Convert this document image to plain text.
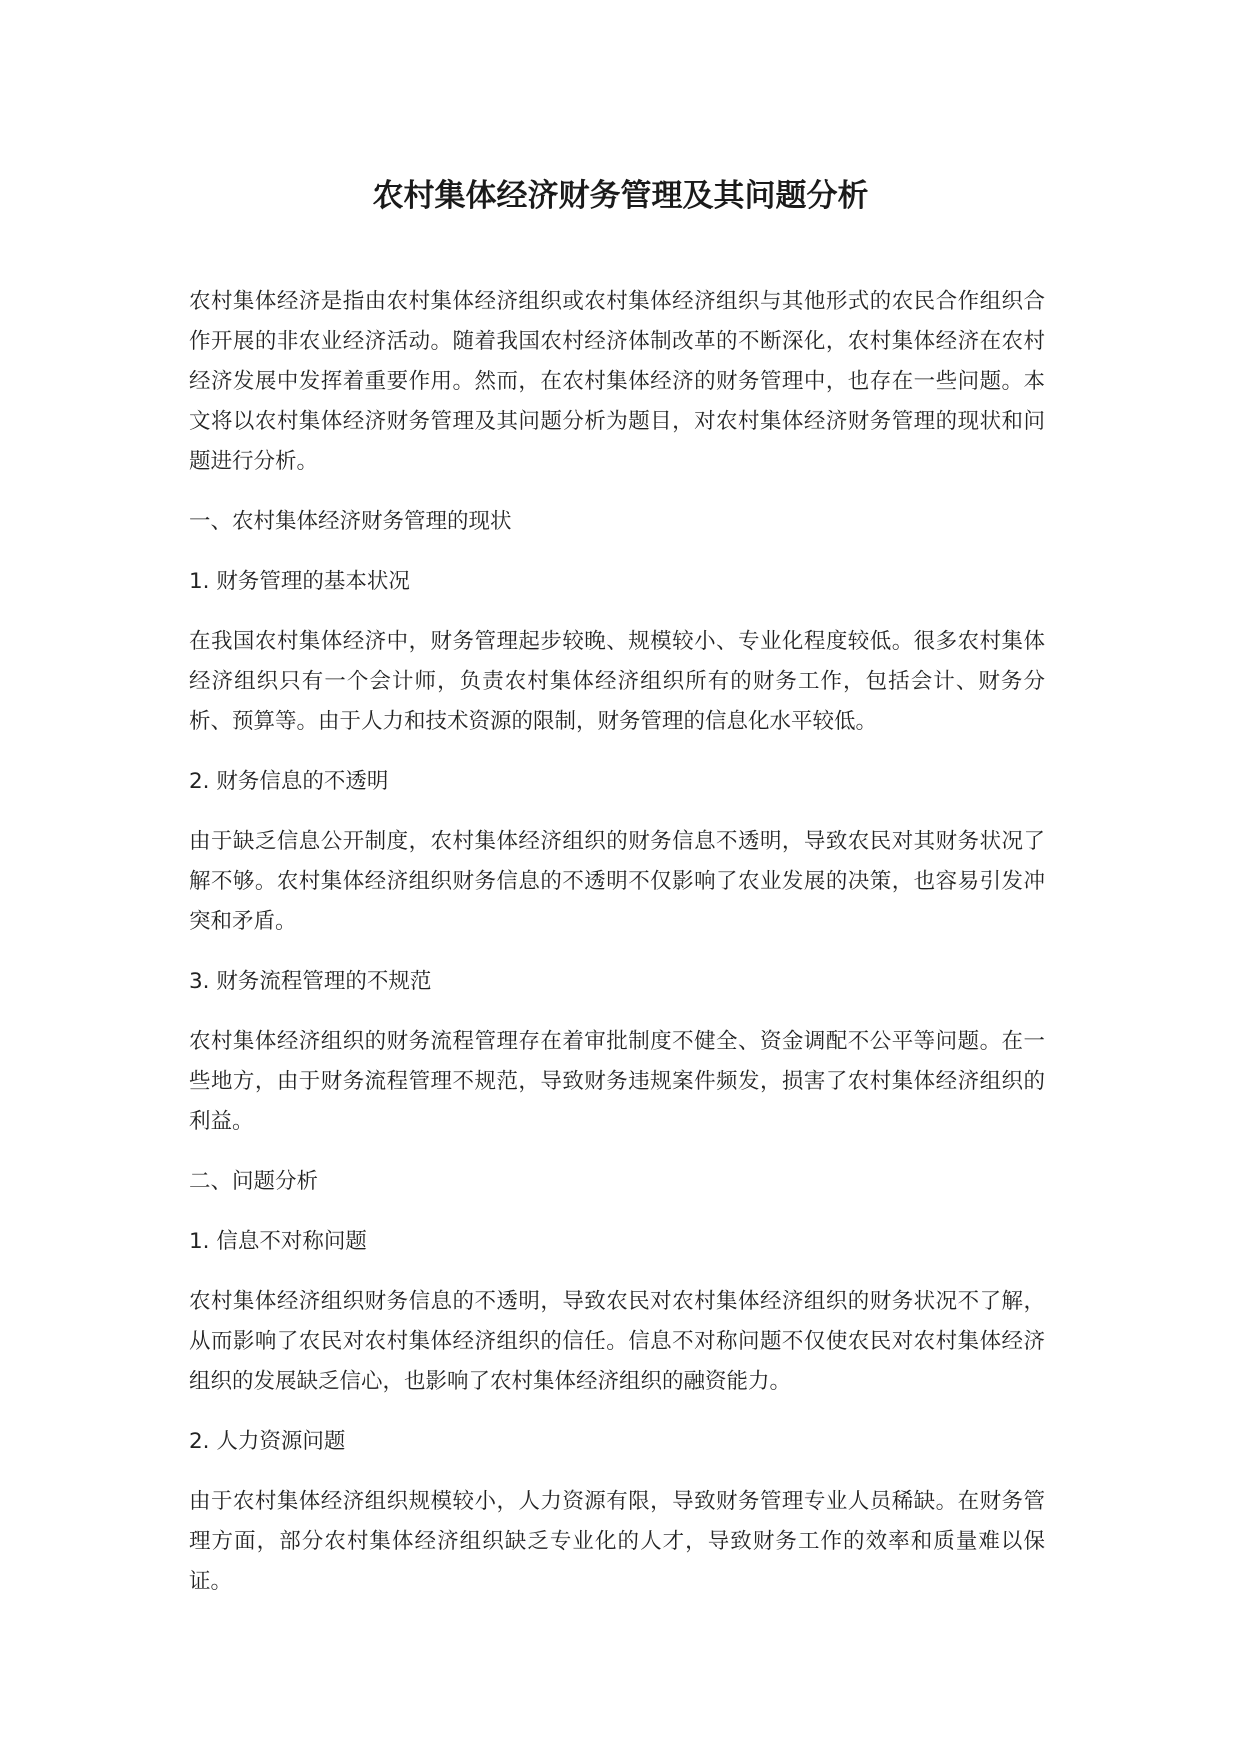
农村集体经济财务管理及其问题分析

农村集体经济是指由农村集体经济组织或农村集体经济组织与其他形式的农民合作组织合作开展的非农业经济活动。随着我国农村经济体制改革的不断深化，农村集体经济在农村经济发展中发挥着重要作用。然而，在农村集体经济的财务管理中，也存在一些问题。本文将以农村集体经济财务管理及其问题分析为题目，对农村集体经济财务管理的现状和问题进行分析。

一、农村集体经济财务管理的现状

1. 财务管理的基本状况

在我国农村集体经济中，财务管理起步较晚、规模较小、专业化程度较低。很多农村集体经济组织只有一个会计师，负责农村集体经济组织所有的财务工作，包括会计、财务分析、预算等。由于人力和技术资源的限制，财务管理的信息化水平较低。

2. 财务信息的不透明

由于缺乏信息公开制度，农村集体经济组织的财务信息不透明，导致农民对其财务状况了解不够。农村集体经济组织财务信息的不透明不仅影响了农业发展的决策，也容易引发冲突和矛盾。

3. 财务流程管理的不规范

农村集体经济组织的财务流程管理存在着审批制度不健全、资金调配不公平等问题。在一些地方，由于财务流程管理不规范，导致财务违规案件频发，损害了农村集体经济组织的利益。

二、问题分析

1. 信息不对称问题

农村集体经济组织财务信息的不透明，导致农民对农村集体经济组织的财务状况不了解，从而影响了农民对农村集体经济组织的信任。信息不对称问题不仅使农民对农村集体经济组织的发展缺乏信心，也影响了农村集体经济组织的融资能力。

2. 人力资源问题

由于农村集体经济组织规模较小，人力资源有限，导致财务管理专业人员稀缺。在财务管理方面，部分农村集体经济组织缺乏专业化的人才，导致财务工作的效率和质量难以保证。
